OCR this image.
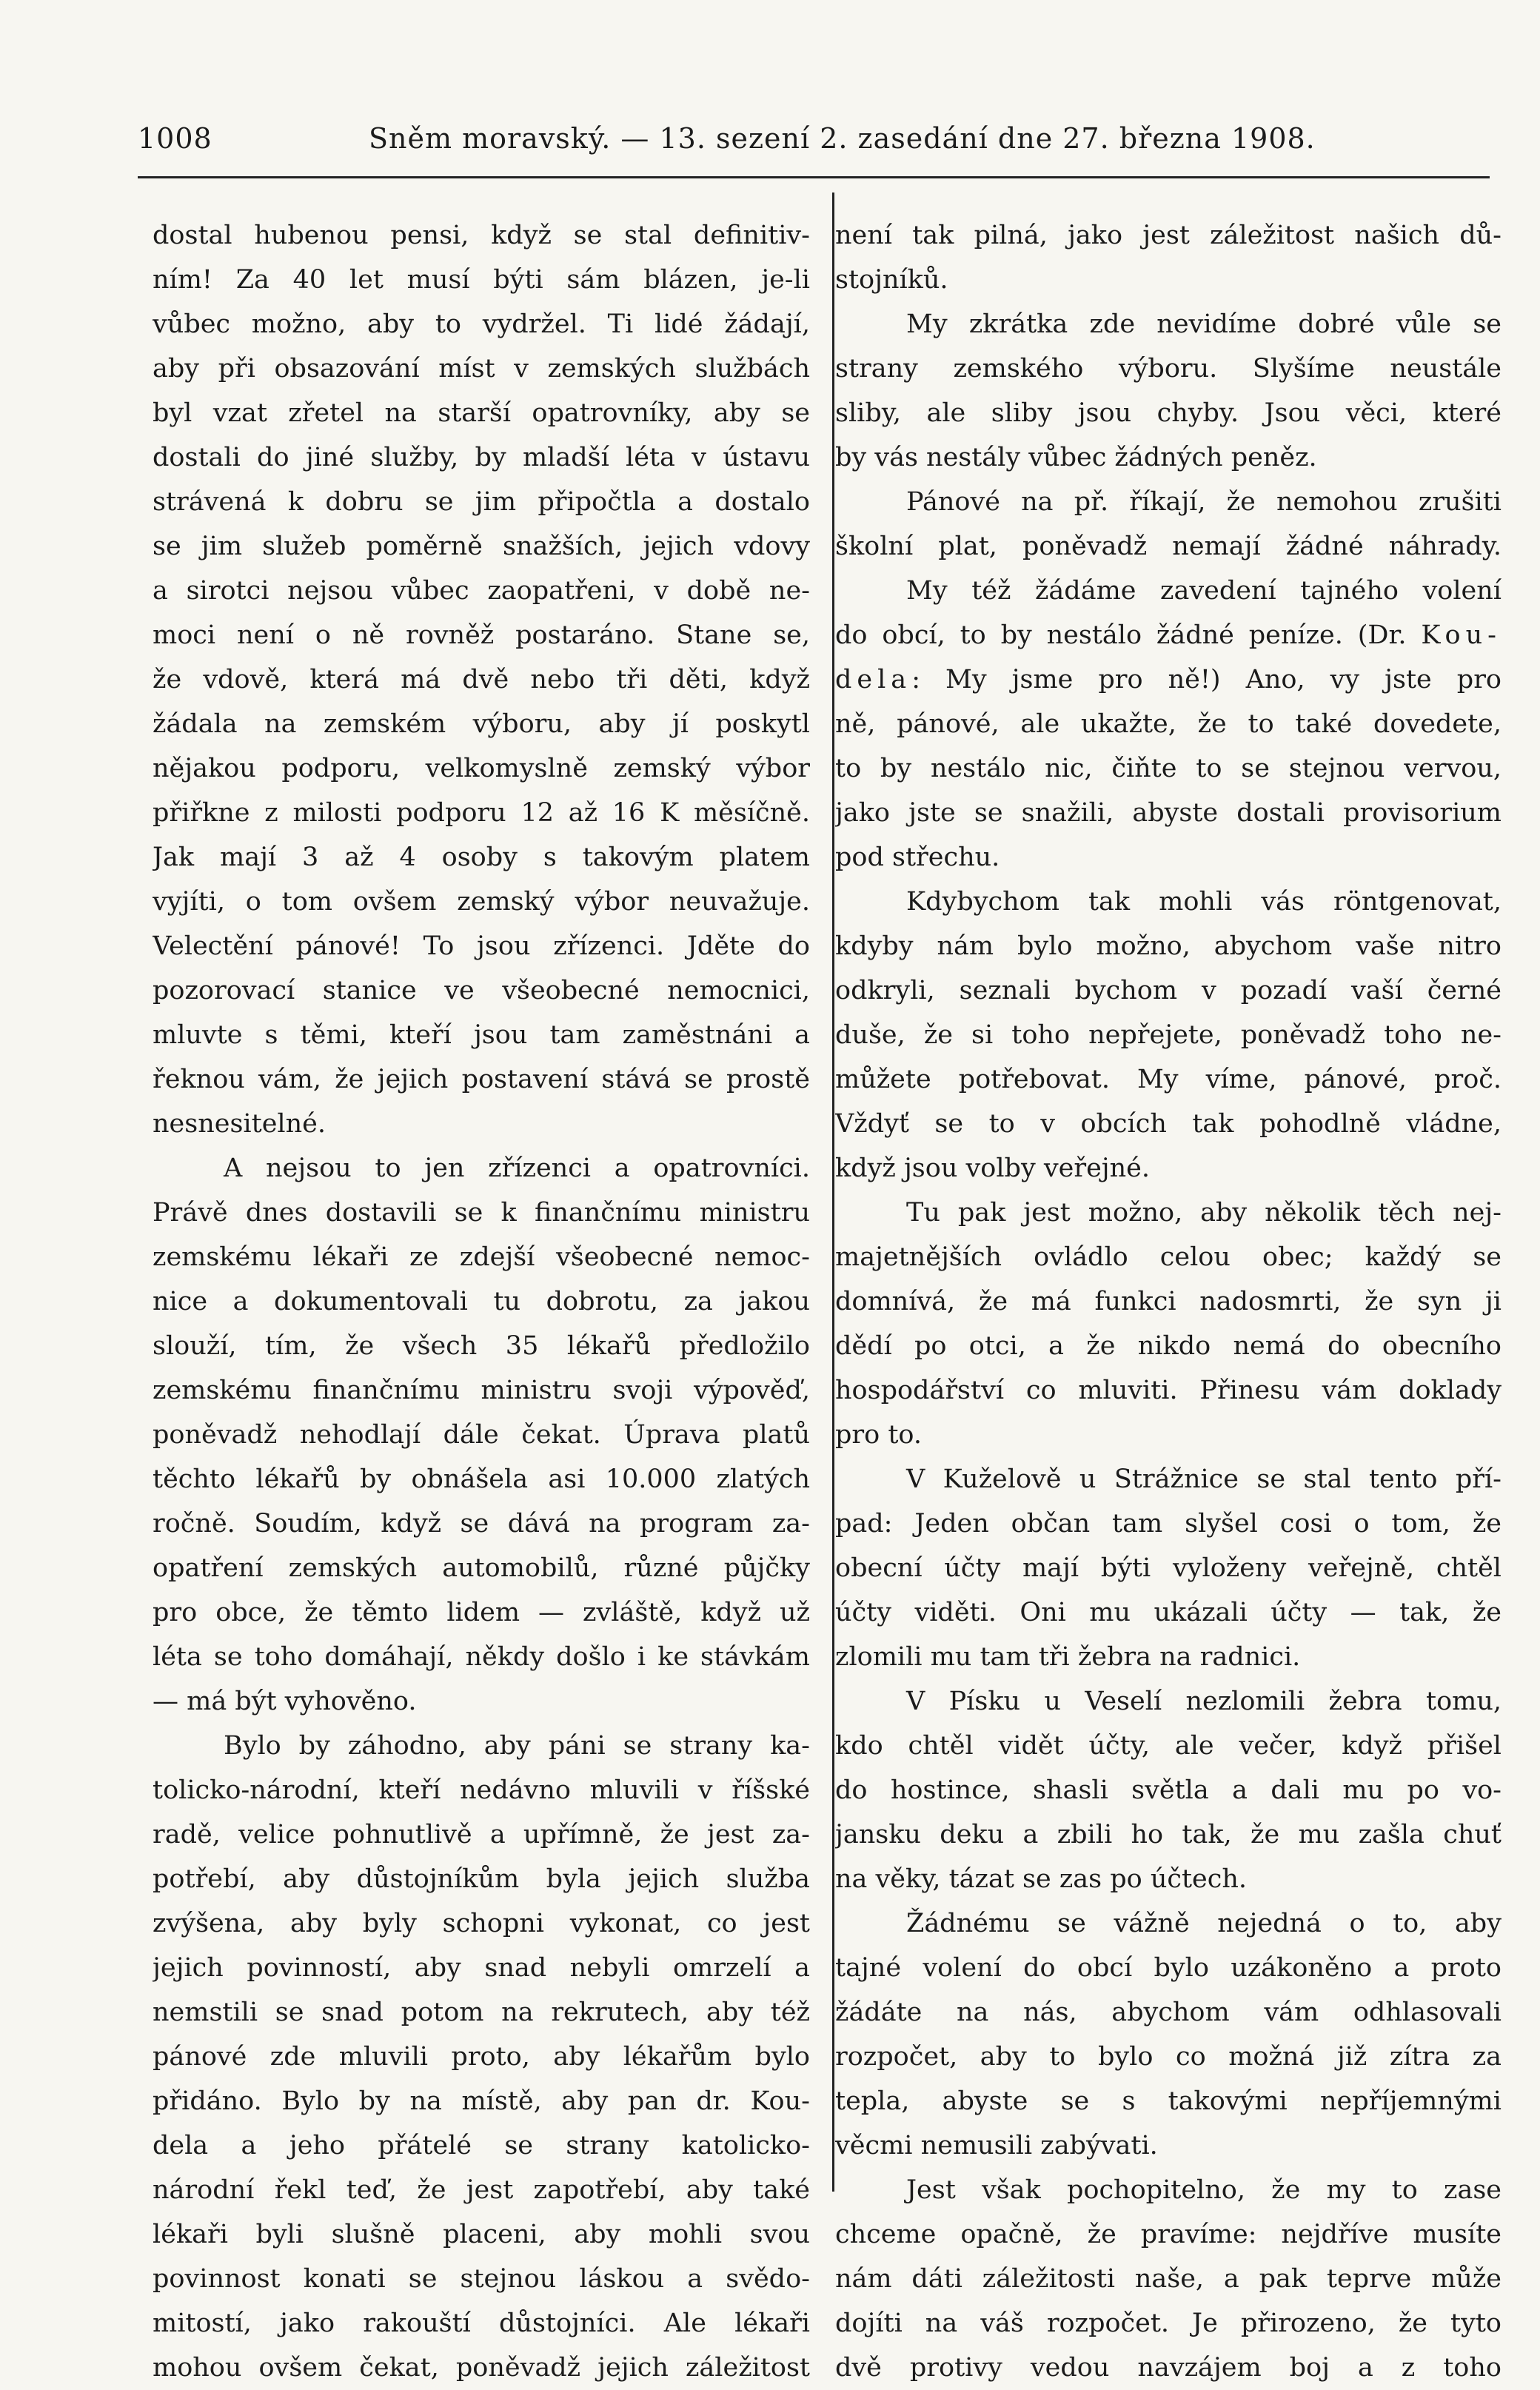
1008	Sněm moravský. — 13. sezení 2. zasedání dne 27. března 1908.
dostal hubenou pensi, když se stal definitiv-
ním! Za 40 let musí býti sám blázen, je-li
vůbec možno, aby to vydržel. Ti lidé žádají,
aby při obsazování míst v zemských službách
byl vzat zřetel na starší opatrovníky, aby se
dostali do jiné služby, by mladší léta v ústavu
strávená k dobru se jim připočtla a dostalo
se jim služeb poměrně snažších, jejich vdovy
a sirotci nejsou vůbec zaopatřeni, v době ne-
moci není o ně rovněž postaráno. Stane se,
že vdově, která má dvě nebo tři děti, když
žádala na zemském výboru, aby jí poskytl
nějakou podporu, velkomyslně zemský výbor
přiřkne z milosti podporu 12 až 16 K měsíčně.
Jak mají 3 až 4 osoby s takovým platem
vyjíti, o tom ovšem zemský výbor neuvažuje.
Velectění pánové! To jsou zřízenci. Jděte do
pozorovací stanice ve všeobecné nemocnici,
mluvte s těmi, kteří jsou tam zaměstnáni a
řeknou vám, že jejich postavení stává se prostě
nesnesitelné.
A nejsou to jen zřízenci a opatrovníci.
Právě dnes dostavili se k finančnímu ministru
zemskému lékaři ze zdejší všeobecné nemoc-
nice a dokumentovali tu dobrotu, za jakou
slouží, tím, že všech 35 lékařů předložilo
zemskému finančnímu ministru svoji výpověď,
poněvadž nehodlají dále čekat. Úprava platů
těchto lékařů by obnášela asi 10.000 zlatých
ročně. Soudím, když se dává na program za-
opatření zemských automobilů, různé půjčky
pro obce, že těmto lidem — zvláště, když už
léta se toho domáhají, někdy došlo i ke stávkám
— má být vyhověno.
Bylo by záhodno, aby páni se strany ka-
tolicko-národní, kteří nedávno mluvili v říšské
radě, velice pohnutlivě a upřímně, že jest za-
potřebí, aby důstojníkům byla jejich služba
zvýšena, aby byly schopni vykonat, co jest
jejich povinností, aby snad nebyli omrzelí a
nemstili se snad potom na rekrutech, aby též
pánové zde mluvili proto, aby lékařům bylo
přidáno. Bylo by na místě, aby pan dr. Kou-
dela a jeho přátelé se strany katolicko-
národní řekl teď, že jest zapotřebí, aby také
lékaři byli slušně placeni, aby mohli svou
povinnost konati se stejnou láskou a svědo-
mitostí, jako rakouští důstojníci. Ale lékaři
mohou ovšem čekat, poněvadž jejich záležitost
není tak pilná, jako jest záležitost našich dů-
stojníků.
My zkrátka zde nevidíme dobré vůle se
strany zemského výboru. Slyšíme neustále
sliby, ale sliby jsou chyby. Jsou věci, které
by vás nestály vůbec žádných peněz.
Pánové na př. říkají, že nemohou zrušiti
školní plat, poněvadž nemají žádné náhrady.
My též žádáme zavedení tajného volení
do obcí, to by nestálo žádné peníze. (Dr. Kou-
dela: My jsme pro ně!) Ano, vy jste pro
ně, pánové, ale ukažte, že to také dovedete,
to by nestálo nic, čiňte to se stejnou vervou,
jako jste se snažili, abyste dostali provisorium
pod střechu.
Kdybychom tak mohli vás röntgenovat,
kdyby nám bylo možno, abychom vaše nitro
odkryli, seznali bychom v pozadí vaší černé
duše, že si toho nepřejete, poněvadž toho ne-
můžete potřebovat. My víme, pánové, proč.
Vždyť se to v obcích tak pohodlně vládne,
když jsou volby veřejné.
Tu pak jest možno, aby několik těch nej-
majetnějších ovládlo celou obec; každý se
domnívá, že má funkci nadosmrti, že syn ji
dědí po otci, a že nikdo nemá do obecního
hospodářství co mluviti. Přinesu vám doklady
pro to.
V Kuželově u Strážnice se stal tento pří-
pad: Jeden občan tam slyšel cosi o tom, že
obecní účty mají býti vyloženy veřejně, chtěl
účty viděti. Oni mu ukázali účty — tak, že
zlomili mu tam tři žebra na radnici.
V Písku u Veselí nezlomili žebra tomu,
kdo chtěl vidět účty, ale večer, když přišel
do hostince, shasli světla a dali mu po vo-
jansku deku a zbili ho tak, že mu zašla chuť
na věky, tázat se zas po účtech.
Žádnému se vážně nejedná o to, aby
tajné volení do obcí bylo uzákoněno a proto
žádáte na nás, abychom vám odhlasovali
rozpočet, aby to bylo co možná již zítra za
tepla, abyste se s takovými nepříjemnými
věcmi nemusili zabývati.
Jest však pochopitelno, že my to zase
chceme opačně, že pravíme: nejdříve musíte
nám dáti záležitosti naše, a pak teprve může
dojíti na váš rozpočet. Je přirozeno, že tyto
dvě protivy vedou navzájem boj a z toho
